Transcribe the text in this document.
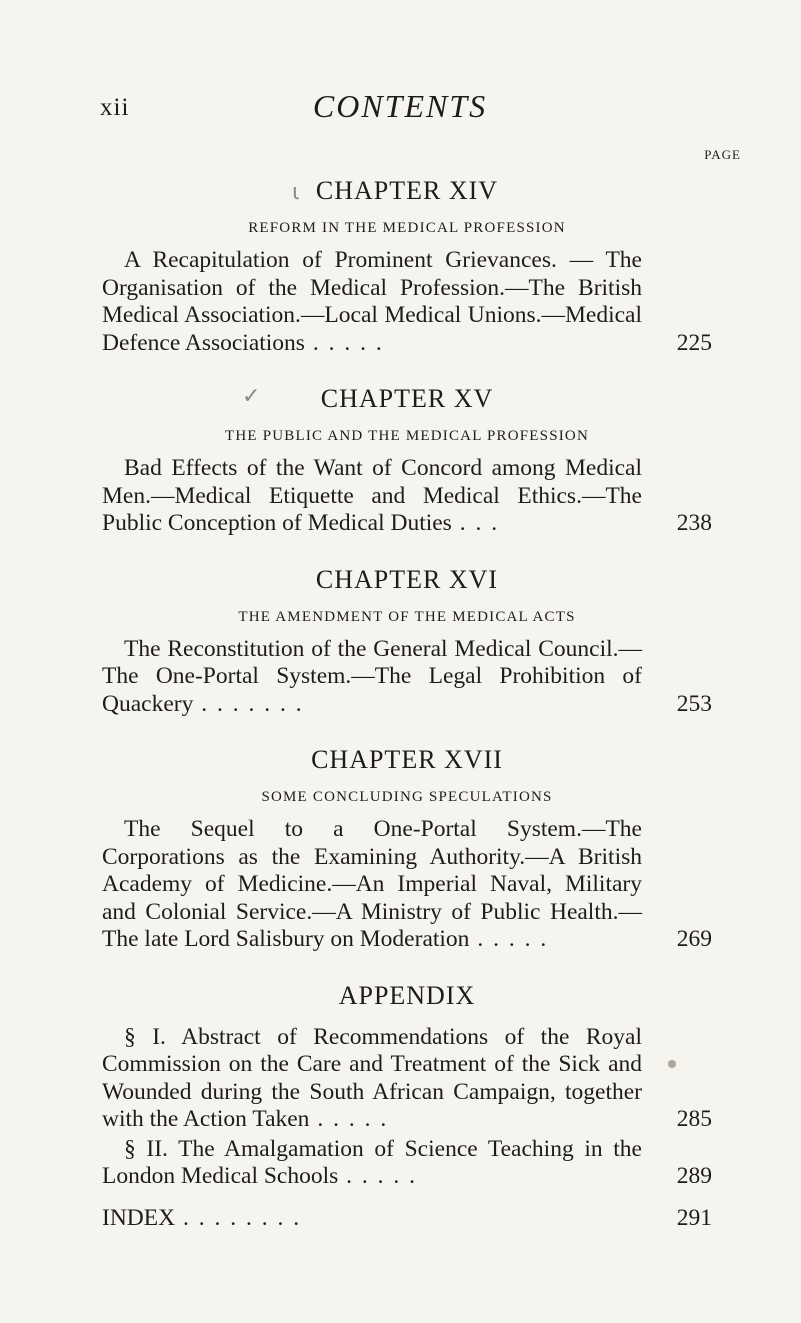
xii	CONTENTS
PAGE
ι CHAPTER XIV
REFORM IN THE MEDICAL PROFESSION
A Recapitulation of Prominent Grievances. — The Organisation of the Medical Profession.—The British Medical Association.—Local Medical Unions.—Medical Defence Associations . . . . .	225
✓ CHAPTER XV
THE PUBLIC AND THE MEDICAL PROFESSION
Bad Effects of the Want of Concord among Medical Men.—Medical Etiquette and Medical Ethics.—The Public Conception of Medical Duties . . .	238
CHAPTER XVI
THE AMENDMENT OF THE MEDICAL ACTS
The Reconstitution of the General Medical Council.— The One-Portal System.—The Legal Prohibition of Quackery . . . . . . .	253
CHAPTER XVII
SOME CONCLUDING SPECULATIONS
The Sequel to a One-Portal System.—The Corporations as the Examining Authority.—A British Academy of Medicine.—An Imperial Naval, Military and Colonial Service.—A Ministry of Public Health.—The late Lord Salisbury on Moderation . . . . .	269
APPENDIX
§ I. Abstract of Recommendations of the Royal Commission on the Care and Treatment of the Sick and Wounded during the South African Campaign, together with the Action Taken . . . . .	285
§ II. The Amalgamation of Science Teaching in the London Medical Schools . . . . .	289
INDEX . . . . . . . .	291
